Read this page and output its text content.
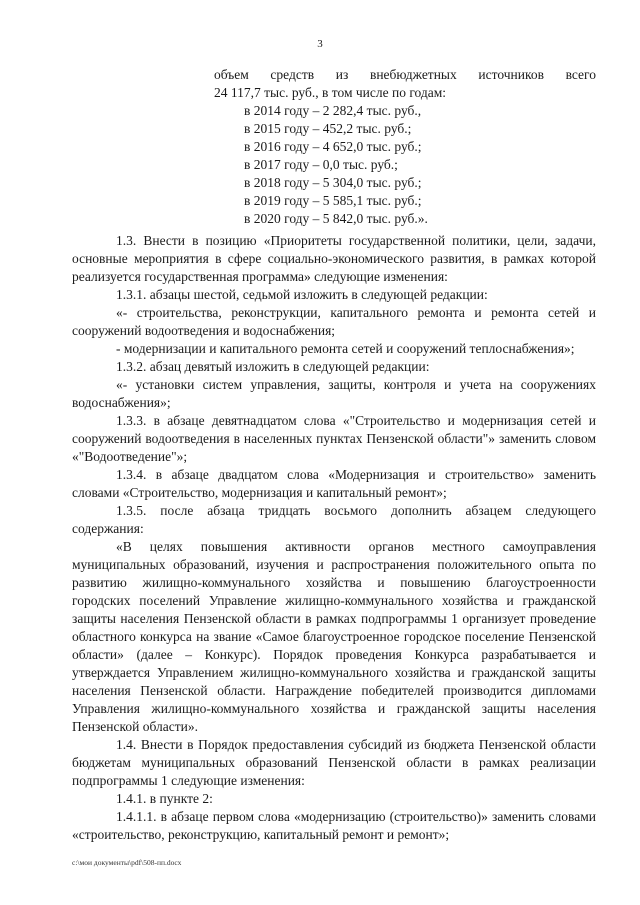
3
объем средств из внебюджетных источников всего
24 117,7 тыс. руб., в том числе по годам:
в 2014 году – 2 282,4 тыс. руб.,
в 2015 году – 452,2 тыс. руб.;
в 2016 году – 4 652,0 тыс. руб.;
в 2017 году – 0,0 тыс. руб.;
в 2018 году – 5 304,0 тыс. руб.;
в 2019 году – 5 585,1 тыс. руб.;
в 2020 году – 5 842,0 тыс. руб.».

1.3. Внести в позицию «Приоритеты государственной политики, цели, задачи, основные мероприятия в сфере социально-экономического развития, в рамках которой реализуется государственная программа» следующие изменения:

1.3.1. абзацы шестой, седьмой изложить в следующей редакции:

«- строительства, реконструкции, капитального ремонта и ремонта сетей и сооружений водоотведения и водоснабжения;

- модернизации и капитального ремонта сетей и сооружений теплоснабжения»;

1.3.2. абзац девятый изложить в следующей редакции:

«- установки систем управления, защиты, контроля и учета на сооружениях водоснабжения»;

1.3.3. в абзаце девятнадцатом слова «"Строительство и модернизация сетей и сооружений водоотведения в населенных пунктах Пензенской области"» заменить словом «"Водоотведение"»;

1.3.4. в абзаце двадцатом слова «Модернизация и строительство» заменить словами «Строительство, модернизация и капитальный ремонт»;

1.3.5. после абзаца тридцать восьмого дополнить абзацем следующего содержания:

«В целях повышения активности органов местного самоуправления муниципальных образований, изучения и распространения положительного опыта по развитию жилищно-коммунального хозяйства и повышению благоустроенности городских поселений Управление жилищно-коммунального хозяйства и гражданской защиты населения Пензенской области в рамках подпрограммы 1 организует проведение областного конкурса на звание «Самое благоустроенное городское поселение Пензенской области» (далее – Конкурс). Порядок проведения Конкурса разрабатывается и утверждается Управлением жилищно-коммунального хозяйства и гражданской защиты населения Пензенской области. Награждение победителей производится дипломами Управления жилищно-коммунального хозяйства и гражданской защиты населения Пензенской области».

1.4. Внести в Порядок предоставления субсидий из бюджета Пензенской области бюджетам муниципальных образований Пензенской области в рамках реализации подпрограммы 1 следующие изменения:

1.4.1. в пункте 2:

1.4.1.1. в абзаце первом слова «модернизацию (строительство)» заменить словами «строительство, реконструкцию, капитальный ремонт и ремонт»;

c:\мои документы\pdf\508-пп.docx
